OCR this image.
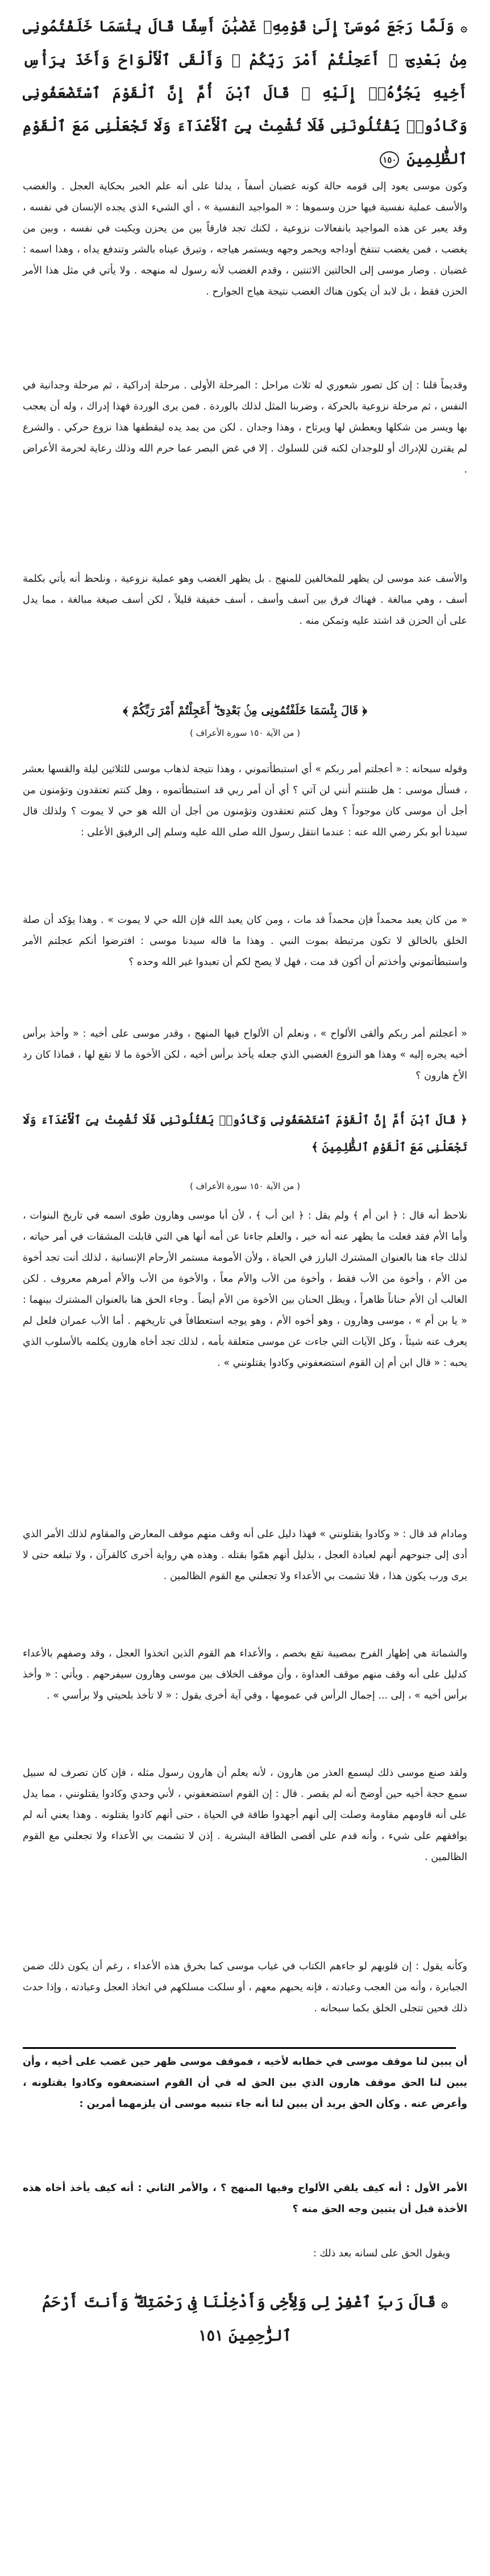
۞ وَلَمَّا رَجَعَ مُوسَىٰٓ إِلَىٰ قَوْمِهِۦ غَضْبَٰنَ أَسِفًا قَالَ بِئْسَمَا خَلَفْتُمُونِى مِنۢ بَعْدِىٓ ۖ أَعَجِلْتُمْ أَمْرَ رَبِّكُمْ ۖ وَأَلْقَى ٱلْأَلْوَاحَ وَأَخَذَ بِرَأْسِ أَخِيهِ يَجُرُّهُۥٓ إِلَيْهِ ۚ قَالَ ٱبْنَ أُمَّ إِنَّ ٱلْقَوْمَ ٱسْتَضْعَفُونِى وَكَادُوا۟ يَقْتُلُونَنِى فَلَا تُشْمِتْ بِىَ ٱلْأَعْدَآءَ وَلَا تَجْعَلْنِى مَعَ ٱلْقَوْمِ ٱلظَّٰلِمِينَ ١٥٠

وكون موسى يعود إلى قومه حالة كونه غضبان أسفاً ، يدلنا على أنه علم الخبر بحكاية العجل . والغضب والأسف عملية نفسية فيها حزن وسموها : « المواجيد النفسية » ، أي الشيء الذي يجده الإنسان في نفسه ، وقد يعبر عن هذه المواجيد بانفعالات نزوعية ، لكنك تجد فارقاً بين من يحزن ويكبت في نفسه ، وبين من يغضب ، فمن يغضب تنتفخ أوداجه ويحمر وجهه ويستمر هياجه ، وتبرق عيناه بالشر وتندفع يداه ، وهذا اسمه : غضبان . وصار موسى إلى الحالتين الاثنتين ، وقدم الغضب لأنه رسول له منهجه . ولا يأتي في مثل هذا الأمر الحزن فقط ، بل لابد أن يكون هناك الغضب نتيجة هياج الجوارح .

وقديماً قلنا : إن كل تصور شعوري له ثلاث مراحل : المرحلة الأولى . مرحلة إدراكية ، ثم مرحلة وجدانية في النفس ، ثم مرحلة نزوعية بالحركة ، وضربنا المثل لذلك بالوردة . فمن يرى الوردة فهذا إدراك ، وله أن يعجب بها ويسر من شكلها ويعطش لها ويرتاح ، وهذا وجدان . لكن من يمد يده ليقطفها هذا نزوع حركي . والشرع لم يقترن للإدراك أو للوجدان لكنه قنن للسلوك . إلا في غض البصر عما حرم الله وذلك رعاية لحرمة الأعراض .

والأسف عند موسى لن يظهر للمخالفين للمنهج . بل يظهر الغضب وهو عملية نزوعية ، ونلحظ أنه يأتي بكلمة أسف ، وهي مبالغة . فهناك فرق بين آسف وأسف ، أسف خفيفة قليلاً ، لكن أسف صيغة مبالغة ، مما يدل على أن الحزن قد اشتد عليه وتمكن منه .

﴿ قَالَ بِئْسَمَا خَلَفْتُمُونِى مِنۢ بَعْدِىٓ ۖ أَعَجِلْتُمْ أَمْرَ رَبِّكُمْ ﴾
( من الآية ١٥٠ سورة الأعراف )

وقوله سبحانه : « أعجلتم أمر ربكم » أي استبطأتموني ، وهذا نتيجة لذهاب موسى للثلاثين ليلة والقسها بعشر ، فسأل موسى : هل ظننتم أنني لن آتي ؟ أي أن أمر ربي قد استبطأتموه ، وهل كنتم تعتقدون وتؤمنون من أجل أن موسى كان موجوداً ؟ وهل كنتم تعتقدون وتؤمنون من أجل أن الله هو حي لا يموت ؟ ولذلك قال سيدنا أبو بكر رضي الله عنه : عندما انتقل رسول الله صلى الله عليه وسلم إلى الرفيق الأعلى :

« من كان يعبد محمداً فإن محمداً قد مات ، ومن كان يعبد الله فإن الله حي لا يموت » . وهذا يؤكد أن صلة الخلق بالخالق لا تكون مرتبطة بموت النبي . وهذا ما قاله سيدنا موسى : افترضوا أنكم عجلتم الأمر واستبطأتموني وأخذتم أن أكون قد مت ، فهل لا يصح لكم أن تعبدوا غير الله وحده ؟

« أعجلتم أمر ربكم وألقى الألواح » ، ونعلم أن الألواح فيها المنهج ، وقدر موسى على أخيه : « وأخذ برأس أخيه يجره إليه » وهذا هو النزوع الغضبي الذي جعله يأخذ برأس أخيه ، لكن الأخوة ما لا تقع لها ، فماذا كان رد الأخ هارون ؟

﴿ قَالَ ٱبْنَ أُمَّ إِنَّ ٱلْقَوْمَ ٱسْتَضْعَفُونِى وَكَادُوا۟ يَقْتُلُونَنِى فَلَا تُشْمِتْ بِىَ ٱلْأَعْدَآءَ وَلَا تَجْعَلْنِى مَعَ ٱلْقَوْمِ ٱلظَّٰلِمِينَ ﴾
( من الآية ١٥٠ سورة الأعراف )

نلاحظ أنه قال : ﴿ ابن أم ﴾ ولم يقل : ﴿ ابن أب ﴾ ، لأن أبا موسى وهارون طوى اسمه في تاريخ البنوات ، وأما الأم فقد فعلت ما يظهر عنه أنه خير ، والعلم جاءنا عن أمه أنها هي التي قابلت المشقات في أمر حياته ، لذلك جاء هنا بالعنوان المشترك البارز في الحياة ، ولأن الأمومة مستمر الأرحام الإنسانية ، لذلك أنت تجد أخوة من الأم ، وأخوة من الأب فقط ، وأخوة من الأب والأم معاً ، والأخوة من الأب والأم أمرهم معروف . لكن الغالب أن الأم حناناً ظاهراً ، ويظل الحنان بين الأخوة من الأم أيضاً . وجاء الحق هنا بالعنوان المشترك بينهما : « يا بن أم » ، موسى وهارون ، وهو أخوه الأم ، وهو يوجه استعطافاً في تاريخهم . أما الأب عمران فلعل لم يعرف عنه شيئاً ، وكل الآيات التي جاءت عن موسى متعلقة بأمه ، لذلك تجد أخاه هارون يكلمه بالأسلوب الذي يحبه : « قال ابن أم إن القوم استضعفوني وكادوا يقتلونني » .

ومادام قد قال : « وكادوا يقتلونني » فهذا دليل على أنه وقف منهم موقف المعارض والمقاوم لذلك الأمر الذي أدى إلى جنوحهم أنهم لعبادة العجل ، بذليل أنهم همّوا بقتله . وهذه هي رواية أخرى كالقرآن ، ولا تبلغه حتى لا يرى ورب يكون هذا ، فلا تشمت بي الأعداء ولا تجعلني مع القوم الظالمين .

والشماتة هي إظهار الفرح بمصيبة تقع بخصم ، والأعداء هم القوم الذين اتخذوا العجل ، وقد وصفهم بالأعداء كدليل على أنه وقف منهم موقف العداوة ، وأن موقف الخلاف بين موسى وهارون سيفرحهم . ويأتي : « وأخذ برأس أخيه » ، إلى ... إجمال الرأس في عمومها ، وفي آية أخرى يقول : « لا تأخذ بلحيتي ولا برأسي » .

ولقد صنع موسى ذلك ليسمع العذر من هارون ، لأنه يعلم أن هارون رسول مثله ، فإن كان تصرف له سبيل سمع حجة أخيه حين أوضح أنه لم يقصر . قال : إن القوم استضعفوني ، لأني وحدي وكادوا يقتلونني ، مما يدل على أنه قاومهم مقاومة وصلت إلى أنهم أجهدوا طاقة في الحياة ، حتى أنهم كادوا يقتلونه . وهذا يعني أنه لم يوافقهم على شيء ، وأنه قدم على أقصى الطاقة البشرية . إذن لا تشمت بي الأعداء ولا تجعلني مع القوم الظالمين .

وكأنه يقول : إن قلوبهم لو جاءهم الكتاب في غياب موسى كما بخرق هذه الأعداء ، رغم أن يكون ذلك ضمن الجبابرة ، وأنه من العجب وعبادته ، فإنه يحبهم معهم ، أو سلكت مسلكهم في اتخاذ العجل وعبادته ، وإذا حدث ذلك فحين تتجلى الخلق بكما سبحانه .

أن يبين لنا موقف موسى في خطابه لأخيه ، فموقف موسى ظهر حين غضب على أخيه ، وأن يبين لنا الحق موقف هارون الذي بين الحق له في أن القوم استضعفوه وكادوا يقتلونه ، وأعرض عنه . وكأن الحق يريد أن يبين لنا أنه جاء تنبيه موسى أن يلزمهما أمرين :

الأمر الأول : أنه كيف يلقي الألواح وفيها المنهج ؟ ، والأمر الثاني : أنه كيف يأخذ أخاه هذه الأخذة قبل أن يتبين وجه الحق منه ؟

ويقول الحق على لسانه بعد ذلك :

۞ قَالَ رَبِّ ٱغْفِرْ لِى وَلِأَخِى وَأَدْخِلْنَا فِى رَحْمَتِكَ ۖ وَأَنتَ أَرْحَمُ ٱلرَّٰحِمِينَ ١٥١
